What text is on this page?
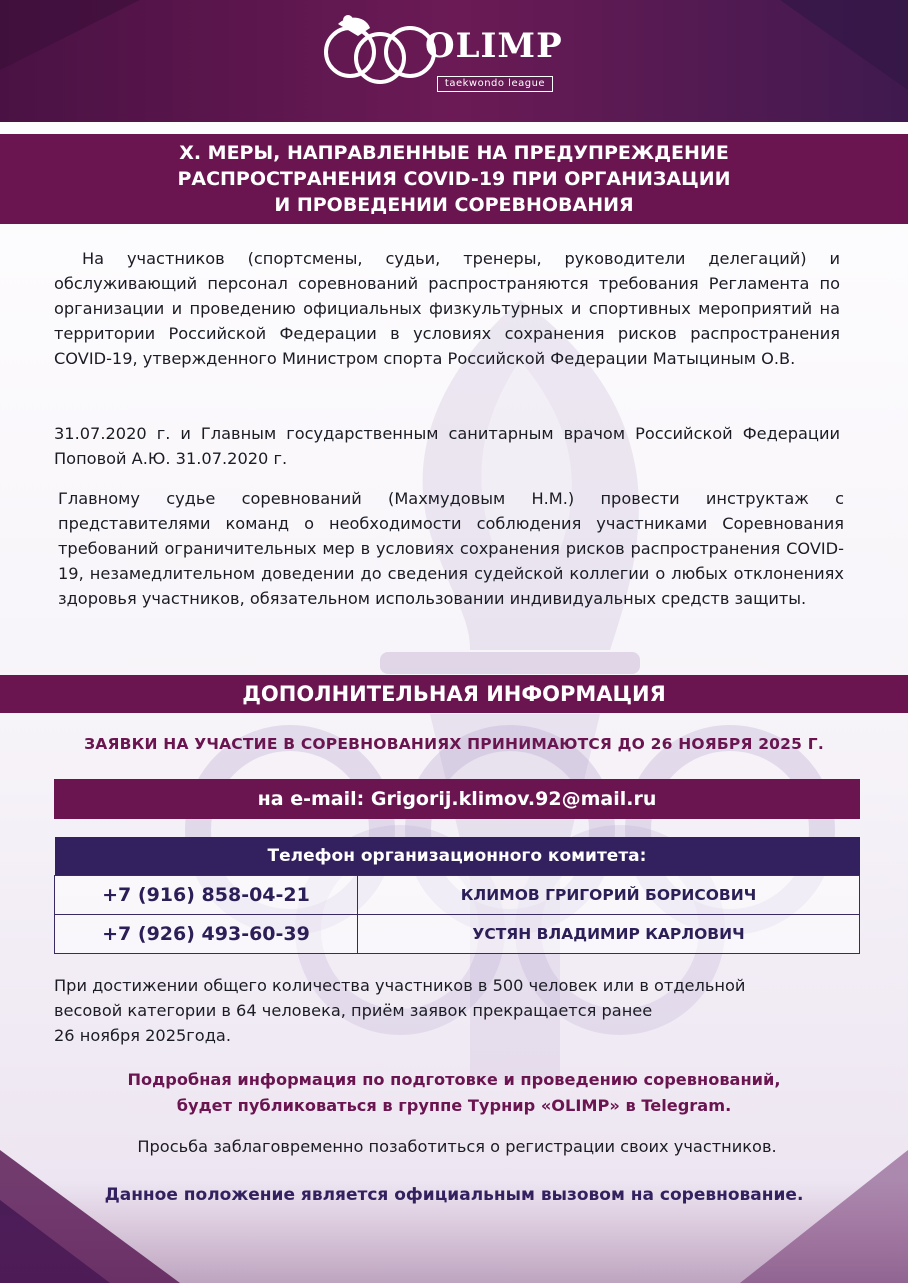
OLIMP
taekwondo league
X. МЕРЫ, НАПРАВЛЕННЫЕ НА ПРЕДУПРЕЖДЕНИЕ
РАСПРОСТРАНЕНИЯ COVID-19 ПРИ ОРГАНИЗАЦИИ
И ПРОВЕДЕНИИ СОРЕВНОВАНИЯ
На участников (спортсмены, судьи, тренеры, руководители делегаций) и обслуживающий персонал соревнований распространяются требования Регламента по организации и проведению официальных физкультурных и спортивных мероприятий на территории Российской Федерации в условиях сохранения рисков распространения COVID-19, утвержденного Министром спорта Российской Федерации Матыциным О.В.
31.07.2020 г. и Главным государственным санитарным врачом Российской Федерации Поповой А.Ю. 31.07.2020 г.
Главному судье соревнований (Махмудовым Н.М.) провести инструктаж с представителями команд о необходимости соблюдения участниками Соревнования требований ограничительных мер в условиях сохранения рисков распространения COVID-19, незамедлительном доведении до сведения судейской коллегии о любых отклонениях здоровья участников, обязательном использовании индивидуальных средств защиты.
ДОПОЛНИТЕЛЬНАЯ ИНФОРМАЦИЯ
ЗАЯВКИ НА УЧАСТИЕ В СОРЕВНОВАНИЯХ ПРИНИМАЮТСЯ ДО 26 НОЯБРЯ 2025 Г.
на e-mail: Grigorij.klimov.92@mail.ru
Телефон организационного комитета:	
+7 (916) 858-04-21	КЛИМОВ ГРИГОРИЙ БОРИСОВИЧ
+7 (926) 493-60-39	УСТЯН ВЛАДИМИР КАРЛОВИЧ
При достижении общего количества участников в 500 человек или в отдельной
весовой категории в 64 человека, приём заявок прекращается ранее
26 ноября 2025года.
Подробная информация по подготовке и проведению соревнований,
будет публиковаться в группе Турнир «OLIMP» в Telegram.
Просьба заблаговременно позаботиться о регистрации своих участников.
Данное положение является официальным вызовом на соревнование.
